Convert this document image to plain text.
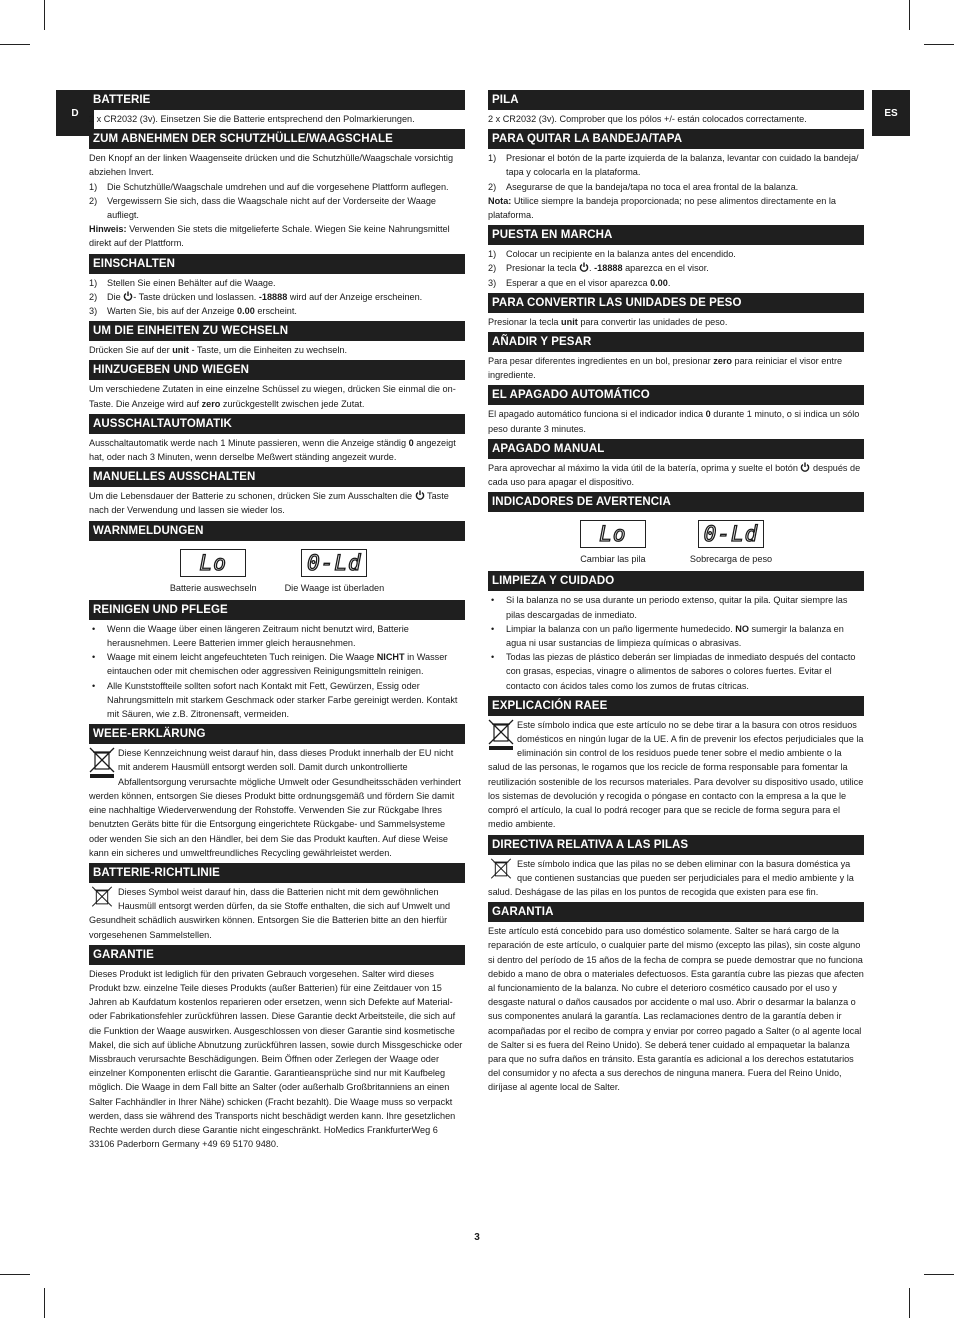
D	ES
BATTERIE

2 x CR2032 (3v). Einsetzen Sie die Batterie entsprechend den Polmarkierungen.

ZUM ABNEHMEN DER SCHUTZHÜLLE/WAAGSCHALE

Den Knopf an der linken Waagenseite drücken und die Schutzhülle/Waagschale vorsichtig abziehen Invert.

1) Die Schutzhülle/Waagschale umdrehen und auf die vorgesehene Plattform auflegen.
2) Vergewissern Sie sich, dass die Waagschale nicht auf der Vorderseite der Waage aufliegt.

Hinweis: Verwenden Sie stets die mitgelieferte Schale. Wiegen Sie keine Nahrungsmittel direkt auf der Plattform.

EINSCHALTEN
1) Stellen Sie einen Behälter auf die Waage.
2) Die - Taste drücken und loslassen. -18888 wird auf der Anzeige erscheinen.
3) Warten Sie, bis auf der Anzeige 0.00 erscheint.
UM DIE EINHEITEN ZU WECHSELN

Drücken Sie auf der unit - Taste, um die Einheiten zu wechseln.

HINZUGEBEN UND WIEGEN

Um verschiedene Zutaten in eine einzelne Schüssel zu wiegen, drücken Sie einmal die on-Taste. Die Anzeige wird auf zero zurückgestellt zwischen jede Zutat.

AUSSCHALTAUTOMATIK

Ausschaltautomatik werde nach 1 Minute passieren, wenn die Anzeige ständig 0 angezeigt hat, oder nach 3 Minuten, wenn derselbe Meßwert ständing angezeit wurde.

MANUELLES AUSSCHALTEN

Um die Lebensdauer der Batterie zu schonen, drücken Sie zum Ausschalten die  Taste nach der Verwendung und lassen sie wieder los.

WARNMELDUNGEN
Lo
Batterie auswechseln
0-Ld
Die Waage ist überladen
REINIGEN UND PFLEGE
• Wenn die Waage über einen längeren Zeitraum nicht benutzt wird, Batterie herausnehmen. Leere Batterien immer gleich herausnehmen.
• Waage mit einem leicht angefeuchteten Tuch reinigen. Die Waage NICHT in Wasser eintauchen oder mit chemischen oder aggressiven Reinigungsmitteln reinigen.
• Alle Kunststoffteile sollten sofort nach Kontakt mit Fett, Gewürzen, Essig oder Nahrungsmitteln mit starkem Geschmack oder starker Farbe gereinigt werden. Kontakt mit Säuren, wie z.B. Zitronensaft, vermeiden.
WEEE-ERKLÄRUNG

Diese Kennzeichnung weist darauf hin, dass dieses Produkt innerhalb der EU nicht mit anderem Hausmüll entsorgt werden soll. Damit durch unkontrollierte Abfallentsorgung verursachte mögliche Umwelt oder Gesundheitsschäden verhindert werden können, entsorgen Sie dieses Produkt bitte ordnungsgemäß und fördern Sie damit eine nachhaltige Wiederverwendung der Rohstoffe. Verwenden Sie zur Rückgabe Ihres benutzten Geräts bitte für die Entsorgung eingerichtete Rückgabe- und Sammelsysteme oder wenden Sie sich an den Händler, bei dem Sie das Produkt kauften. Auf diese Weise kann ein sicheres und umweltfreundliches Recycling gewährleistet werden.

BATTERIE-RICHTLINIE

Dieses Symbol weist darauf hin, dass die Batterien nicht mit dem gewöhnlichen Hausmüll entsorgt werden dürfen, da sie Stoffe enthalten, die sich auf Umwelt und Gesundheit schädlich auswirken können. Entsorgen Sie die Batterien bitte an den hierfür vorgesehenen Sammelstellen.

GARANTIE

Dieses Produkt ist lediglich für den privaten Gebrauch vorgesehen. Salter wird dieses Produkt bzw. einzelne Teile dieses Produkts (außer Batterien) für eine Zeitdauer von 15 Jahren ab Kaufdatum kostenlos reparieren oder ersetzen, wenn sich Defekte auf Material- oder Fabrikationsfehler zurückführen lassen. Diese Garantie deckt Arbeitsteile, die sich auf die Funktion der Waage auswirken. Ausgeschlossen von dieser Garantie sind kosmetische Makel, die sich auf übliche Abnutzung zurückführen lassen, sowie durch Missgeschicke oder Missbrauch verursachte Beschädigungen. Beim Öffnen oder Zerlegen der Waage oder einzelner Komponenten erlischt die Garantie. Garantieansprüche sind nur mit Kaufbeleg möglich. Die Waage in dem Fall bitte an Salter (oder außerhalb Großbritanniens an einen Salter Fachhändler in Ihrer Nähe) schicken (Fracht bezahlt). Die Waage muss so verpackt werden, dass sie während des Transports nicht beschädigt werden kann. Ihre gesetzlichen Rechte werden durch diese Garantie nicht eingeschränkt. HoMedics FrankfurterWeg 6 33106 Paderborn Germany +49 69 5170 9480.

PILA

2 x CR2032 (3v). Comprober que los pólos +/- están colocados correctamente.

PARA QUITAR LA BANDEJA/TAPA
1) Presionar el botón de la parte izquierda de la balanza, levantar con cuidado la bandeja/ tapa y colocarla en la plataforma.
2) Asegurarse de que la bandeja/tapa no toca el area frontal de la balanza.

Nota: Utilice siempre la bandeja proporcionada; no pese alimentos directamente en la plataforma.

PUESTA EN MARCHA
1) Colocar un recipiente en la balanza antes del encendido.
2) Presionar la tecla . -18888 aparezca en el visor.
3) Esperar a que en el visor aparezca 0.00.
PARA CONVERTIR LAS UNIDADES DE PESO

Presionar la tecla unit para convertir las unidades de peso.

AÑADIR Y PESAR

Para pesar diferentes ingredientes en un bol, presionar zero para reiniciar el visor entre ingrediente.

EL APAGADO AUTOMÁTICO

El apagado automático funciona si el indicador indica 0 durante 1 minuto, o si indica un sólo peso durante 3 minutes.

APAGADO MANUAL

Para aprovechar al máximo la vida útil de la batería, oprima y suelte el botón  después de cada uso para apagar el dispositivo.

INDICADORES DE AVERTENCIA
Lo
Cambiar las pila
0-Ld
Sobrecarga de peso
LIMPIEZA Y CUIDADO
• Si la balanza no se usa durante un periodo extenso, quitar la pila. Quitar siempre las pilas descargadas de inmediato.
• Limpiar la balanza con un paño ligermente humedecido. NO sumergir la balanza en agua ni usar sustancias de limpieza químicas o abrasivas.
• Todas las piezas de plástico deberán ser limpiadas de inmediato después del contacto con grasas, especias, vinagre o alimentos de sabores o colores fuertes. Evitar el contacto con ácidos tales como los zumos de frutas cítricas.
EXPLICACIÓN RAEE

Este símbolo indica que este artículo no se debe tirar a la basura con otros residuos domésticos en ningún lugar de la UE. A fin de prevenir los efectos perjudiciales que la eliminación sin control de los residuos puede tener sobre el medio ambiente o la salud de las personas, le rogamos que los recicle de forma responsable para fomentar la reutilización sostenible de los recursos materiales. Para devolver su dispositivo usado, utilice los sistemas de devolución y recogida o póngase en contacto con la empresa a la que le compró el artículo, la cual lo podrá recoger para que se recicle de forma segura para el medio ambiente.

DIRECTIVA RELATIVA A LAS PILAS

Este símbolo indica que las pilas no se deben eliminar con la basura doméstica ya que contienen sustancias que pueden ser perjudiciales para el medio ambiente y la salud. Deshágase de las pilas en los puntos de recogida que existen para ese fin.

GARANTIA

Este artículo está concebido para uso doméstico solamente. Salter se hará cargo de la reparación de este artículo, o cualquier parte del mismo (excepto las pilas), sin coste alguno si dentro del período de 15 años de la fecha de compra se puede demostrar que no funciona debido a mano de obra o materiales defectuosos. Esta garantía cubre las piezas que afecten al funcionamiento de la balanza. No cubre el deterioro cosmético causado por el uso y desgaste natural o daños causados por accidente o mal uso. Abrir o desarmar la balanza o sus componentes anulará la garantía. Las reclamaciones dentro de la garantía deben ir acompañadas por el recibo de compra y enviar por correo pagado a Salter (o al agente local de Salter si es fuera del Reino Unido). Se deberá tener cuidado al empaquetar la balanza para que no sufra daños en tránsito. Esta garantía es adicional a los derechos estatutarios del consumidor y no afecta a sus derechos de ninguna manera. Fuera del Reino Unido, diríjase al agente local de Salter.

3
